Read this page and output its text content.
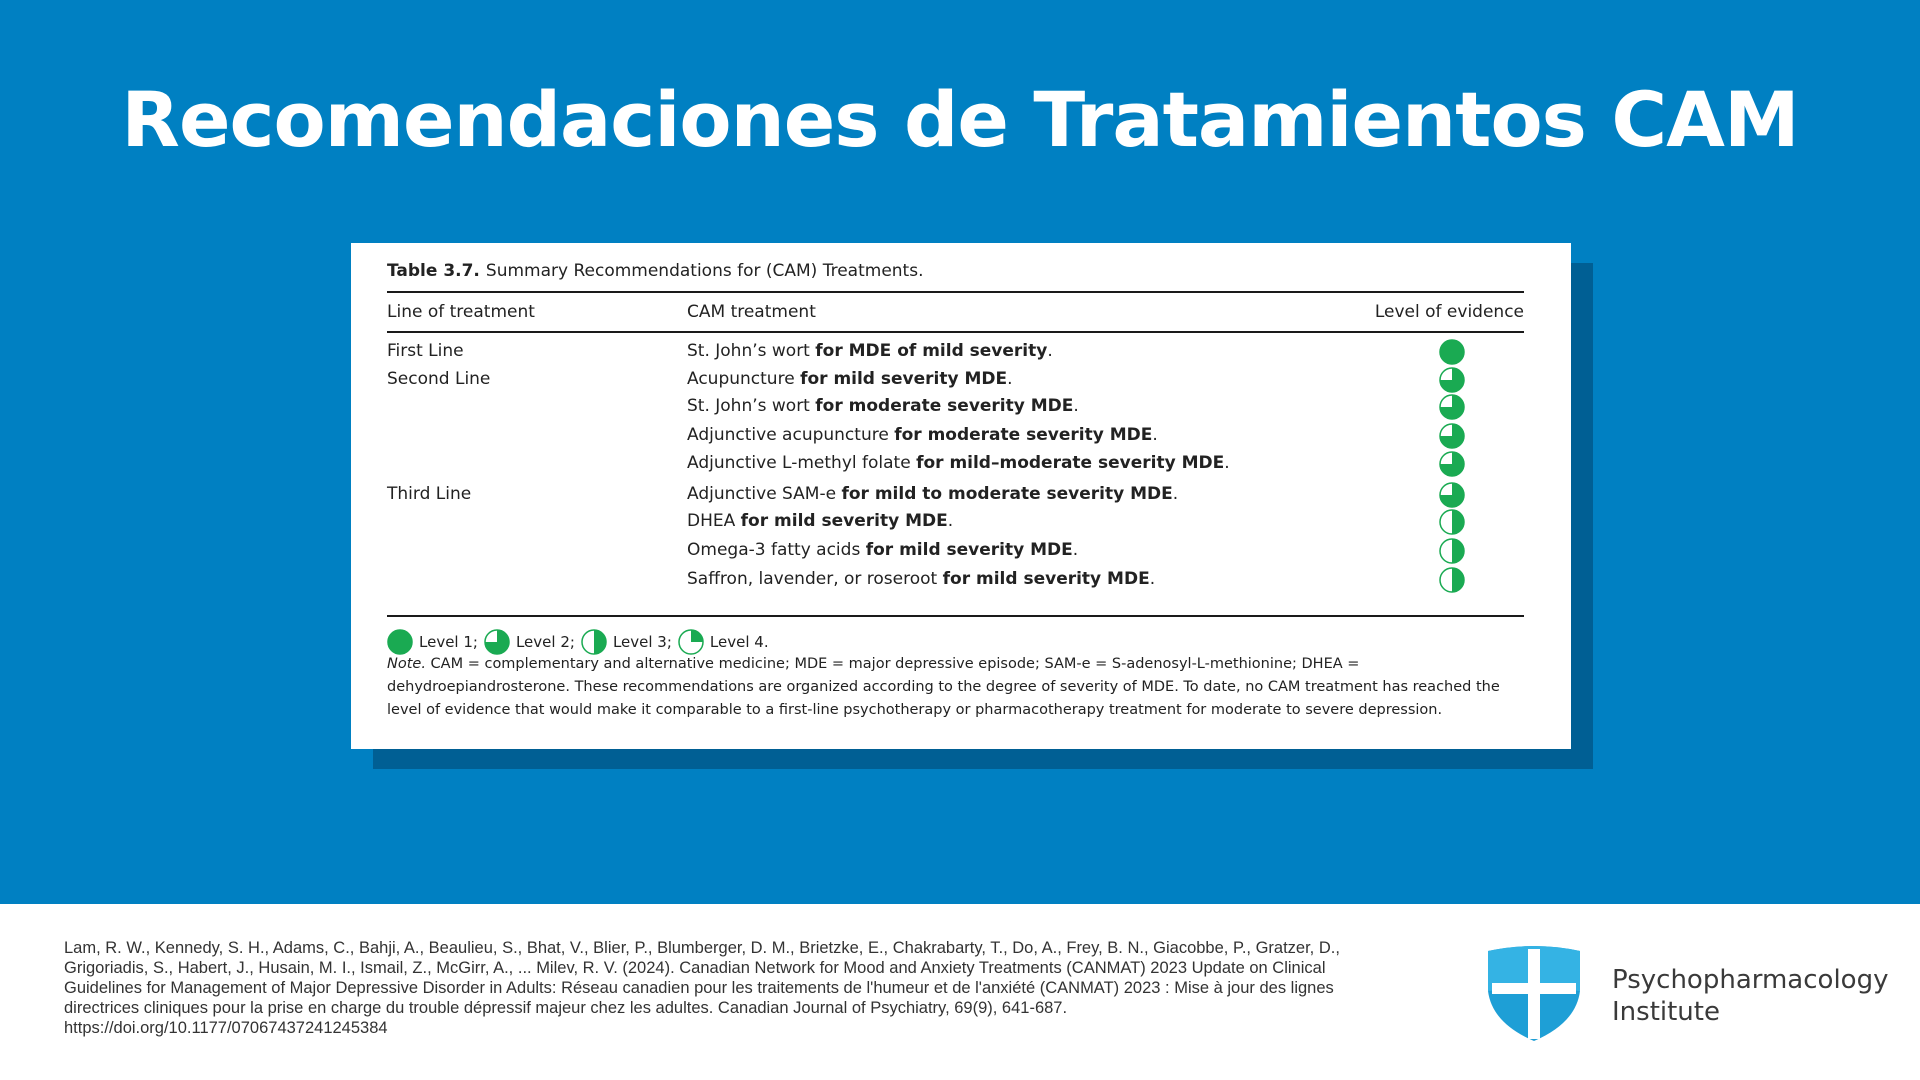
Recomendaciones de Tratamientos CAM
Table 3.7. Summary Recommendations for (CAM) Treatments.
Line of treatment	CAM treatment	Level of evidence
First Line	St. John’s wort for MDE of mild severity.
Second Line	Acupuncture for mild severity MDE.
St. John’s wort for moderate severity MDE.
Adjunctive acupuncture for moderate severity MDE.
Adjunctive L-methyl folate for mild–moderate severity MDE.
Third Line	Adjunctive SAM-e for mild to moderate severity MDE.
DHEA for mild severity MDE.
Omega-3 fatty acids for mild severity MDE.
Saffron, lavender, or roseroot for mild severity MDE.
Level 1;	Level 2;	Level 3;	Level 4.
Note. CAM = complementary and alternative medicine; MDE = major depressive episode; SAM-e = S-adenosyl-L-methionine; DHEA = dehydroepiandrosterone. These recommendations are organized according to the degree of severity of MDE. To date, no CAM treatment has reached the level of evidence that would make it comparable to a first-line psychotherapy or pharmacotherapy treatment for moderate to severe depression.
Lam, R. W., Kennedy, S. H., Adams, C., Bahji, A., Beaulieu, S., Bhat, V., Blier, P., Blumberger, D. M., Brietzke, E., Chakrabarty, T., Do, A., Frey, B. N., Giacobbe, P., Gratzer, D., Grigoriadis, S., Habert, J., Husain, M. I., Ismail, Z., McGirr, A., ... Milev, R. V. (2024). Canadian Network for Mood and Anxiety Treatments (CANMAT) 2023 Update on Clinical Guidelines for Management of Major Depressive Disorder in Adults: Réseau canadien pour les traitements de l'humeur et de l'anxiété (CANMAT) 2023 : Mise à jour des lignes directrices cliniques pour la prise en charge du trouble dépressif majeur chez les adultes. Canadian Journal of Psychiatry, 69(9), 641-687. https://doi.org/10.1177/07067437241245384
Psychopharmacology
Institute
